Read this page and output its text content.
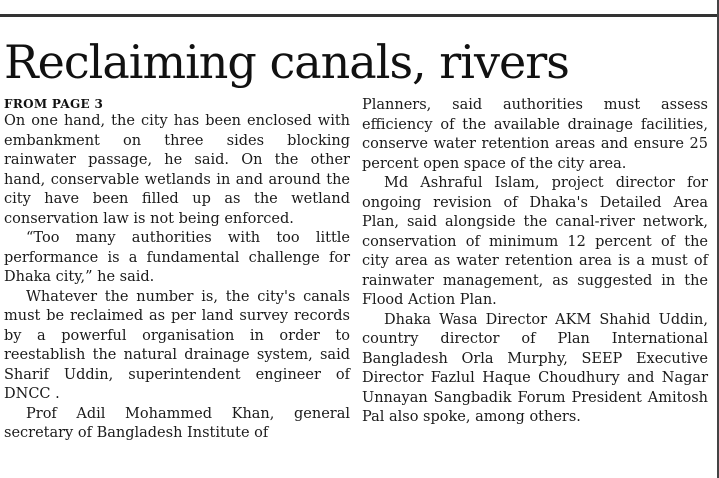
Reclaiming canals, rivers
FROM PAGE 3

On one hand, the city has been enclosed with embankment on three sides blocking rainwater passage, he said. On the other hand, conservable wetlands in and around the city have been filled up as the wetland conservation law is not being enforced.

“Too many authorities with too little performance is a fundamental challenge for Dhaka city,” he said.

Whatever the number is, the city's canals must be reclaimed as per land survey records by a powerful organisation in order to reestablish the natural drainage system, said Sharif Uddin, superintendent engineer of DNCC .

Prof Adil Mohammed Khan, general secretary of Bangladesh Institute of

Planners, said authorities must assess efficiency of the available drainage facilities, conserve water retention areas and ensure 25 percent open space of the city area.

Md Ashraful Islam, project director for ongoing revision of Dhaka's Detailed Area Plan, said alongside the canal-river network, conservation of minimum 12 percent of the city area as water retention area is a must of rainwater management, as suggested in the Flood Action Plan.

Dhaka Wasa Director AKM Shahid Uddin, country director of Plan International Bangladesh Orla Murphy, SEEP Executive Director Fazlul Haque Choudhury and Nagar Unnayan Sangbadik Forum President Amitosh Pal also spoke, among others.
